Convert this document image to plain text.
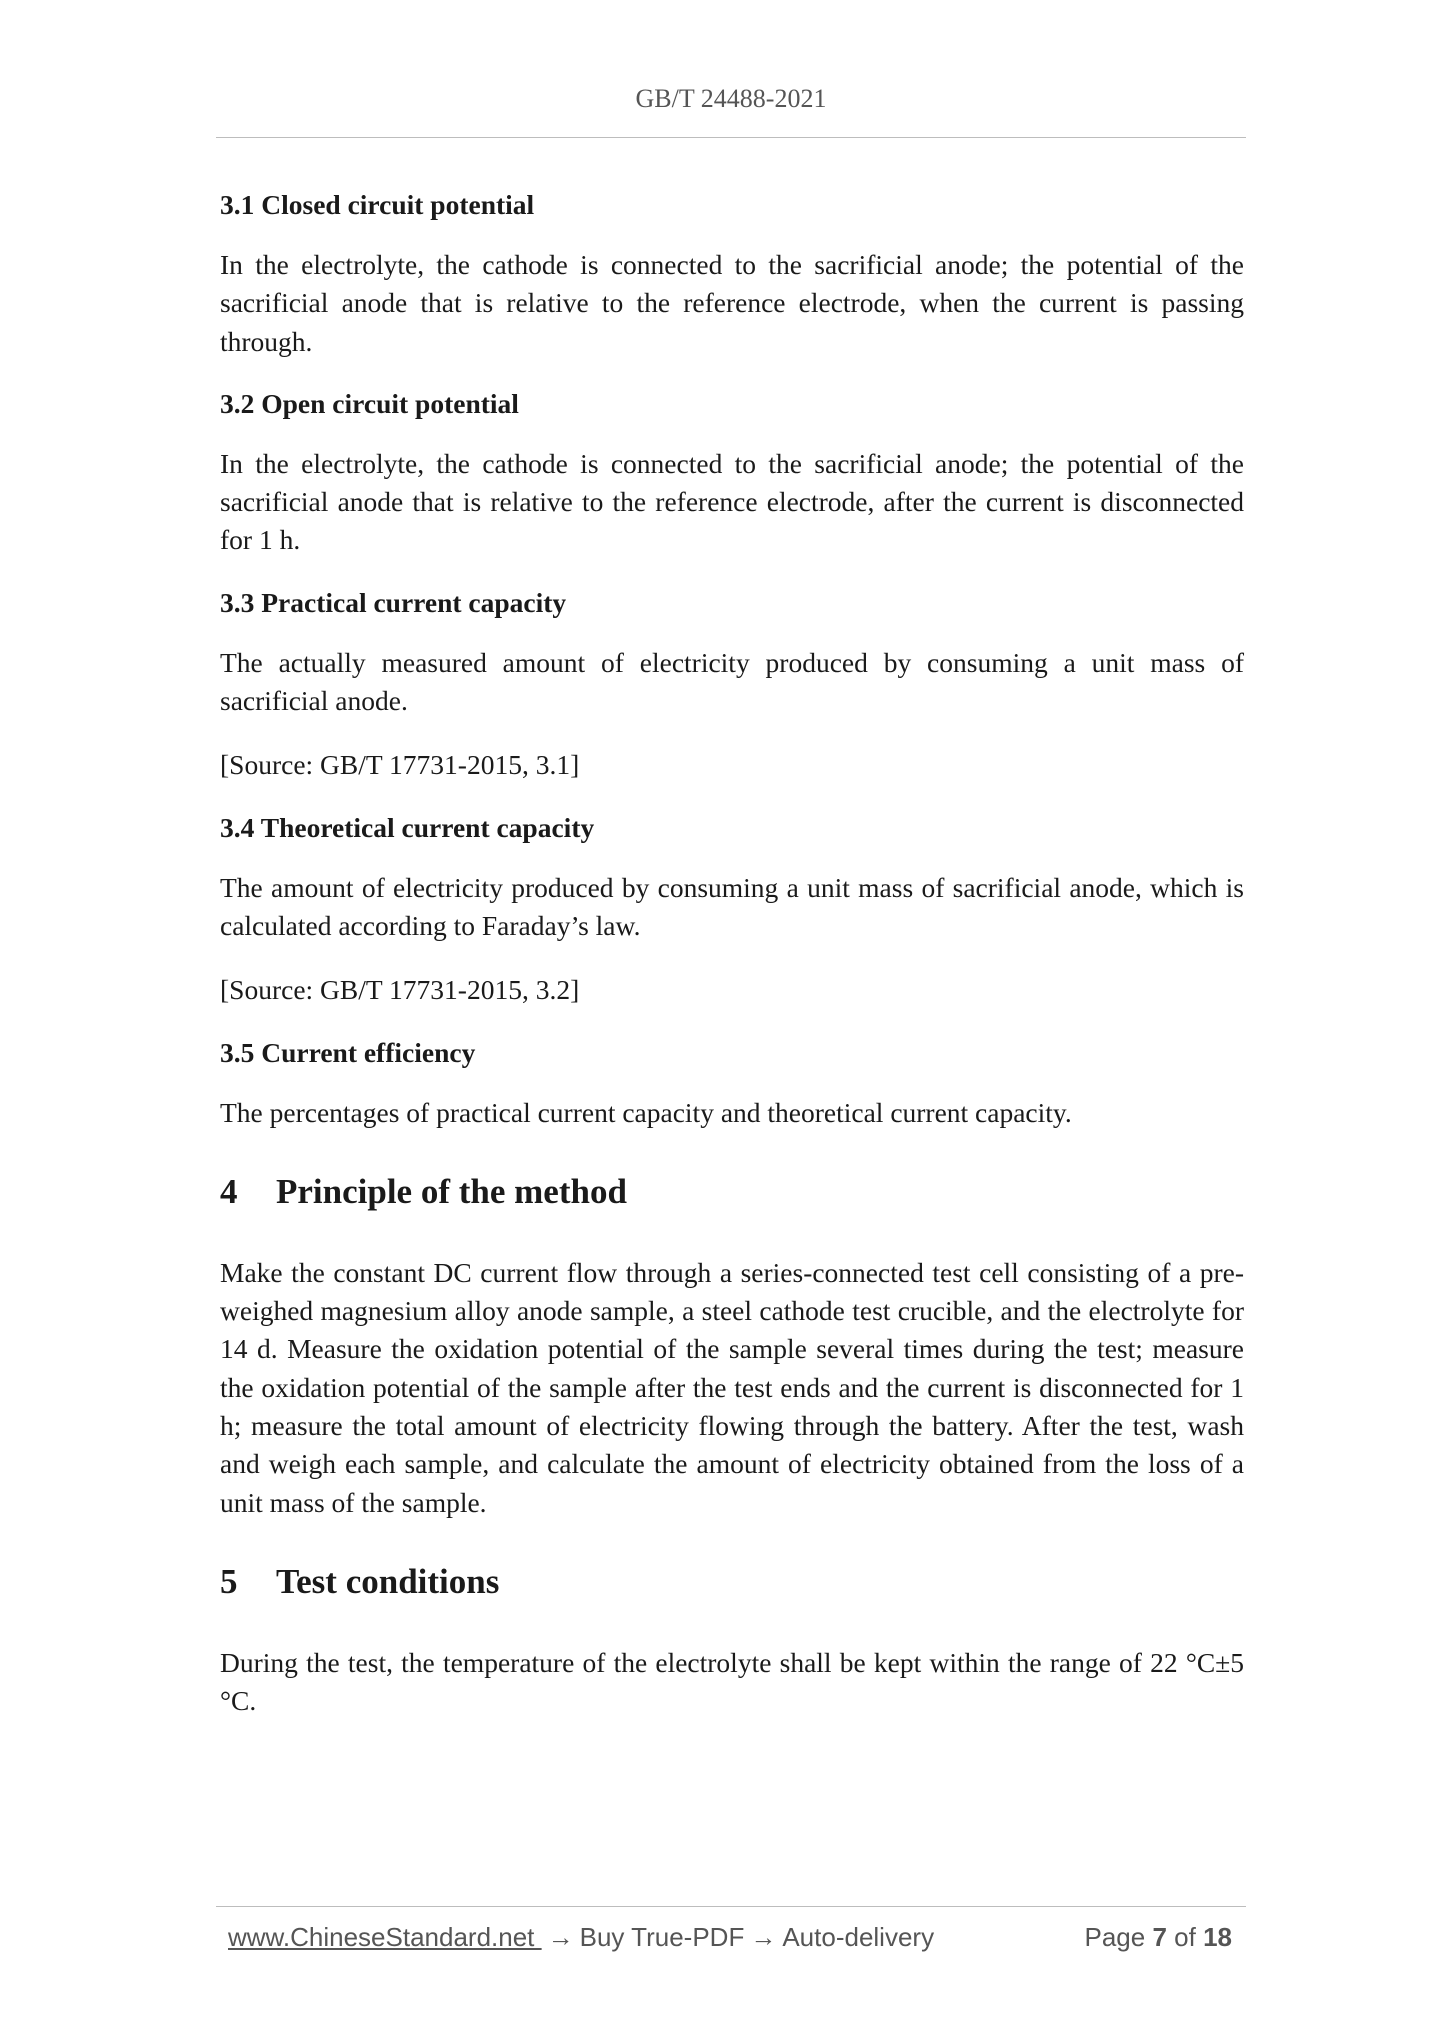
GB/T 24488-2021
3.1 Closed circuit potential

In the electrolyte, the cathode is connected to the sacrificial anode; the potential of the sacrificial anode that is relative to the reference electrode, when the current is passing through.

3.2 Open circuit potential

In the electrolyte, the cathode is connected to the sacrificial anode; the potential of the sacrificial anode that is relative to the reference electrode, after the current is disconnected for 1 h.

3.3 Practical current capacity

The actually measured amount of electricity produced by consuming a unit mass of sacrificial anode.

[Source: GB/T 17731-2015, 3.1]

3.4 Theoretical current capacity

The amount of electricity produced by consuming a unit mass of sacrificial anode, which is calculated according to Faraday’s law.

[Source: GB/T 17731-2015, 3.2]

3.5 Current efficiency

The percentages of practical current capacity and theoretical current capacity.

4	Principle of the method

Make the constant DC current flow through a series-connected test cell consisting of a pre-weighed magnesium alloy anode sample, a steel cathode test crucible, and the electrolyte for 14 d. Measure the oxidation potential of the sample several times during the test; measure the oxidation potential of the sample after the test ends and the current is disconnected for 1 h; measure the total amount of electricity flowing through the battery. After the test, wash and weigh each sample, and calculate the amount of electricity obtained from the loss of a unit mass of the sample.

5	Test conditions

During the test, the temperature of the electrolyte shall be kept within the range of 22 °C±5 °C.

www.ChineseStandard.net → Buy True-PDF → Auto-delivery	Page 7 of 18
